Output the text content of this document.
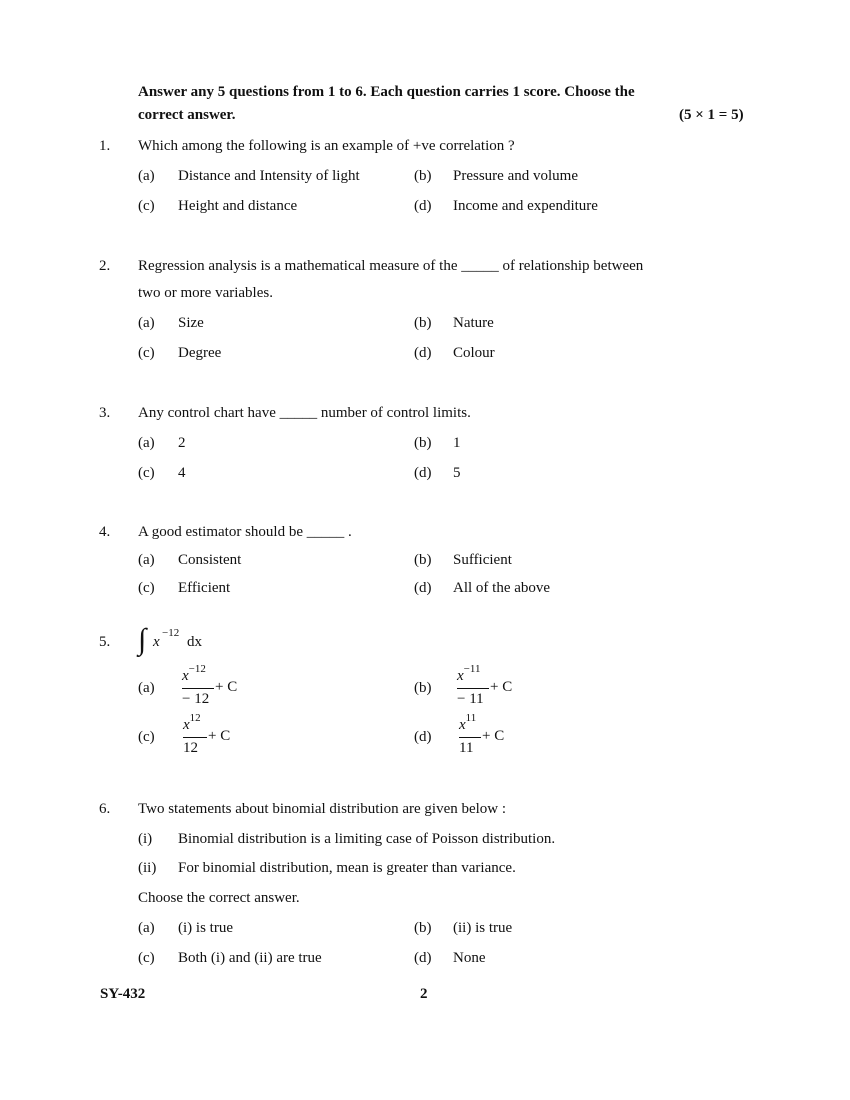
Answer any 5 questions from 1 to 6. Each question carries 1 score. Choose the
correct answer.	(5 × 1 = 5)
1. Which among the following is an example of +ve correlation ?
(a) Distance and Intensity of light	(b) Pressure and volume
(c) Height and distance	(d) Income and expenditure
2. Regression analysis is a mathematical measure of the _____ of relationship between
two or more variables.
(a) Size	(b) Nature
(c) Degree	(d) Colour
3. Any control chart have _____ number of control limits.
(a) 2	(b) 1
(c) 4	(d) 5
4. A good estimator should be _____ .
(a) Consistent	(b) Sufficient
(c) Efficient	(d) All of the above
5. ∫ x
−12
dx
(a)
$x^{-12}$
− 12
+ C	(b)
$x^{-11}$
− 11
+ C
(c)
$x^{12}$
12
+ C	(d)
$x^{11}$
11
+ C
6. Two statements about binomial distribution are given below :
(i) Binomial distribution is a limiting case of Poisson distribution.
(ii) For binomial distribution, mean is greater than variance.
Choose the correct answer.
(a) (i) is true	(b) (ii) is true
(c) Both (i) and (ii) are true	(d) None
SY-432	2
